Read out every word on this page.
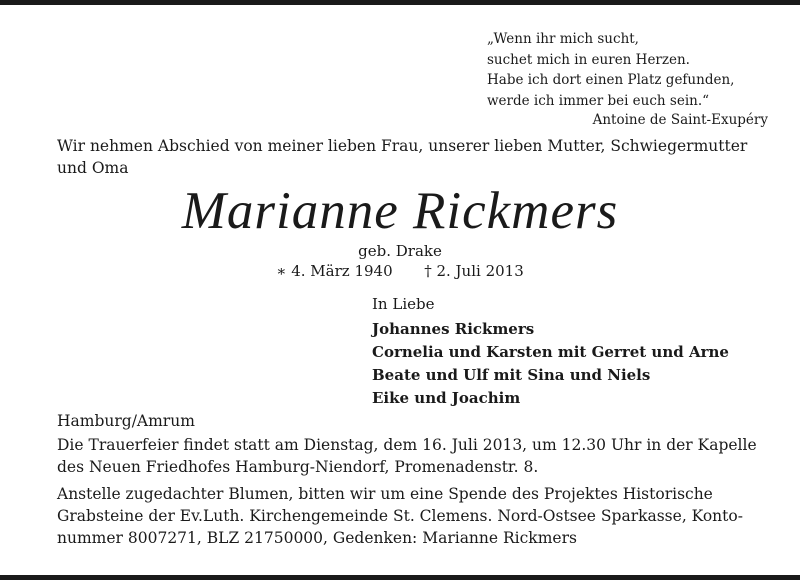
„Wenn ihr mich sucht,
suchet mich in euren Herzen.
Habe ich dort einen Platz gefunden,
werde ich immer bei euch sein.“
Antoine de Saint-Exupéry
Wir nehmen Abschied von meiner lieben Frau, unserer lieben Mutter, Schwiegermutter
und Oma
Marianne Rickmers
geb. Drake
∗ 4. März 1940 † 2. Juli 2013
In Liebe
Johannes Rickmers
Cornelia und Karsten mit Gerret und Arne
Beate und Ulf mit Sina und Niels
Eike und Joachim
Hamburg/Amrum
Die Trauerfeier findet statt am Dienstag, dem 16. Juli 2013, um 12.30 Uhr in der Kapelle
des Neuen Friedhofes Hamburg-Niendorf, Promenadenstr. 8.
Anstelle zugedachter Blumen, bitten wir um eine Spende des Projektes Historische
Grabsteine der Ev.Luth. Kirchengemeinde St. Clemens. Nord-Ostsee Sparkasse, Konto-
nummer 8007271, BLZ 21750000, Gedenken: Marianne Rickmers
